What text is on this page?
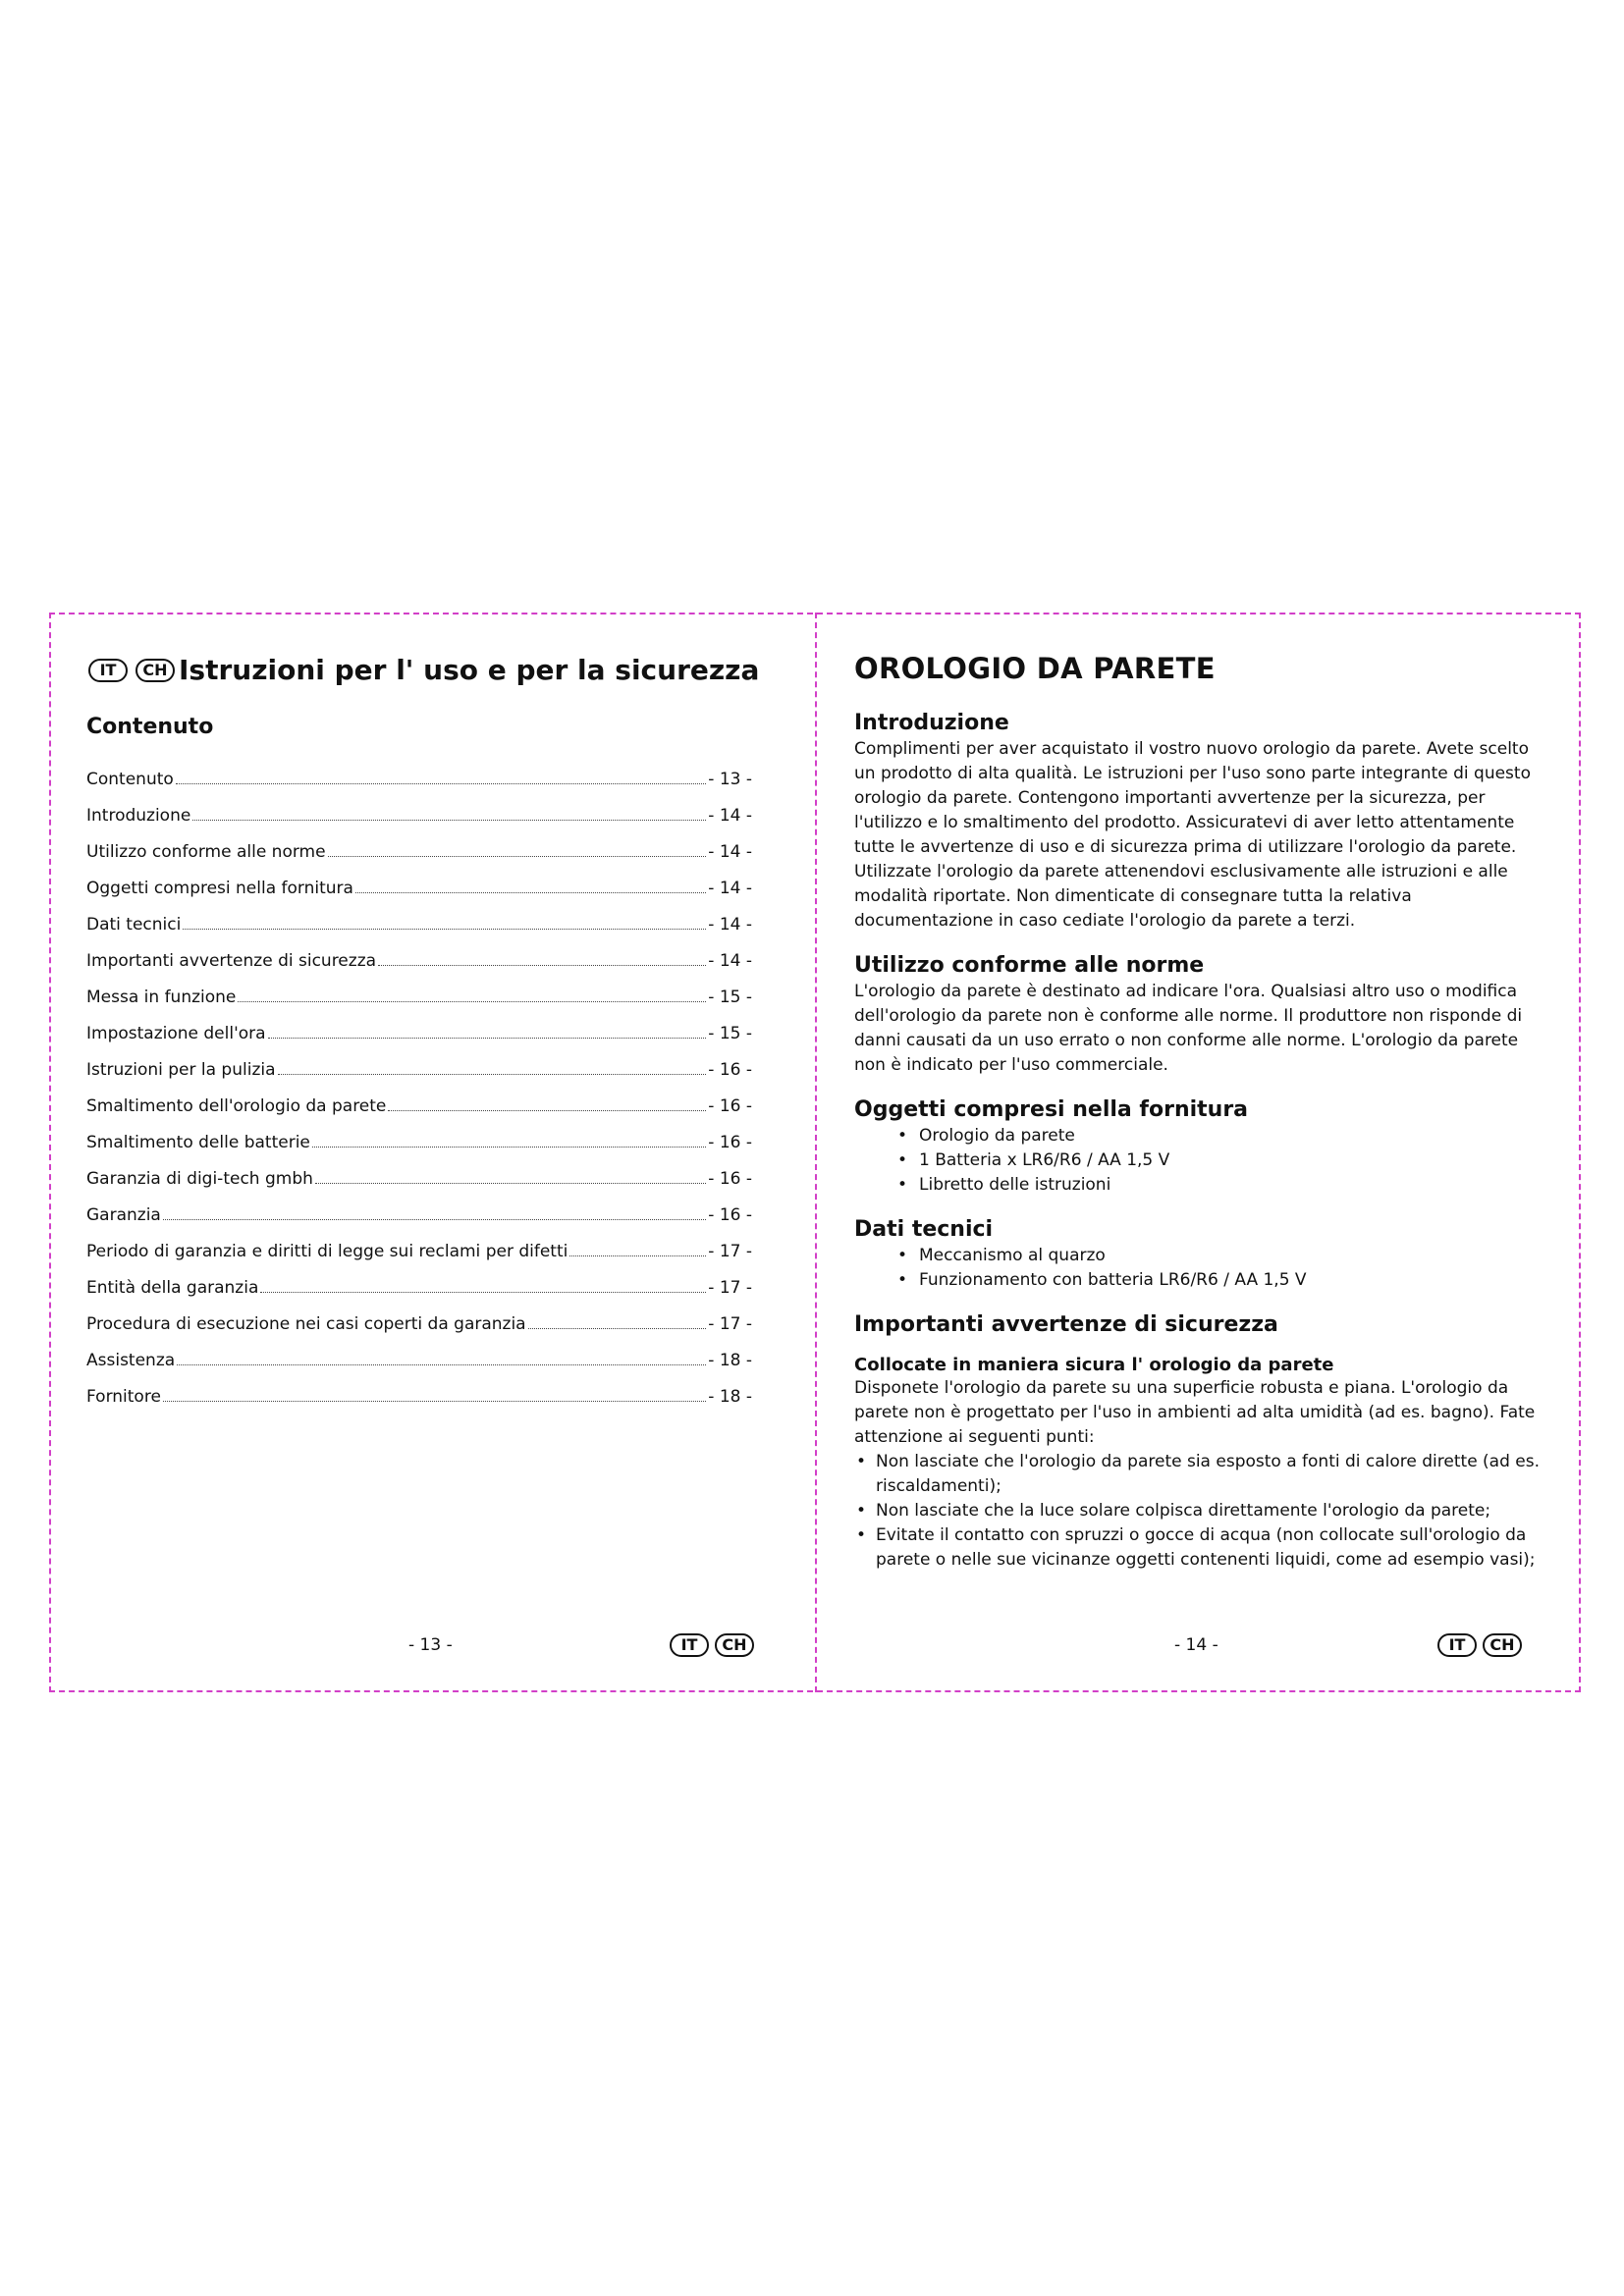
IT	CH Istruzioni per l' uso e per la sicurezza
Contenuto
Contenuto	- 13 -
Introduzione	- 14 -
Utilizzo conforme alle norme	- 14 -
Oggetti compresi nella fornitura	- 14 -
Dati tecnici	- 14 -
Importanti avvertenze di sicurezza	- 14 -
Messa in funzione	- 15 -
Impostazione dell'ora	- 15 -
Istruzioni per la pulizia	- 16 -
Smaltimento dell'orologio da parete	- 16 -
Smaltimento delle batterie	- 16 -
Garanzia di digi-tech gmbh	- 16 -
Garanzia	- 16 -
Periodo di garanzia e diritti di legge sui reclami per difetti	- 17 -
Entità della garanzia	- 17 -
Procedura di esecuzione nei casi coperti da garanzia	- 17 -
Assistenza	- 18 -
Fornitore	- 18 -
- 13 -	IT	CH
OROLOGIO DA PARETE
Introduzione

Complimenti per aver acquistato il vostro nuovo orologio da parete. Avete scelto un prodotto di alta qualità. Le istruzioni per l'uso sono parte integrante di questo orologio da parete. Contengono importanti avvertenze per la sicurezza, per l'utilizzo e lo smaltimento del prodotto. Assicuratevi di aver letto attentamente tutte le avvertenze di uso e di sicurezza prima di utilizzare l'orologio da parete. Utilizzate l'orologio da parete attenendovi esclusivamente alle istruzioni e alle modalità riportate. Non dimenticate di consegnare tutta la relativa documentazione in caso cediate l'orologio da parete a terzi.

Utilizzo conforme alle norme

L'orologio da parete è destinato ad indicare l'ora. Qualsiasi altro uso o modifica dell'orologio da parete non è conforme alle norme. Il produttore non risponde di danni causati da un uso errato o non conforme alle norme. L'orologio da parete non è indicato per l'uso commerciale.

Oggetti compresi nella fornitura
• Orologio da parete
• 1 Batteria x LR6/R6 / AA 1,5 V
• Libretto delle istruzioni
Dati tecnici
• Meccanismo al quarzo
• Funzionamento con batteria LR6/R6 / AA 1,5 V
Importanti avvertenze di sicurezza
Collocate in maniera sicura l' orologio da parete

Disponete l'orologio da parete su una superficie robusta e piana. L'orologio da parete non è progettato per l'uso in ambienti ad alta umidità (ad es. bagno). Fate attenzione ai seguenti punti:

• Non lasciate che l'orologio da parete sia esposto a fonti di calore dirette (ad es. riscaldamenti);
• Non lasciate che la luce solare colpisca direttamente l'orologio da parete;
• Evitate il contatto con spruzzi o gocce di acqua (non collocate sull'orologio da parete o nelle sue vicinanze oggetti contenenti liquidi, come ad esempio vasi);
- 14 -	IT	CH
